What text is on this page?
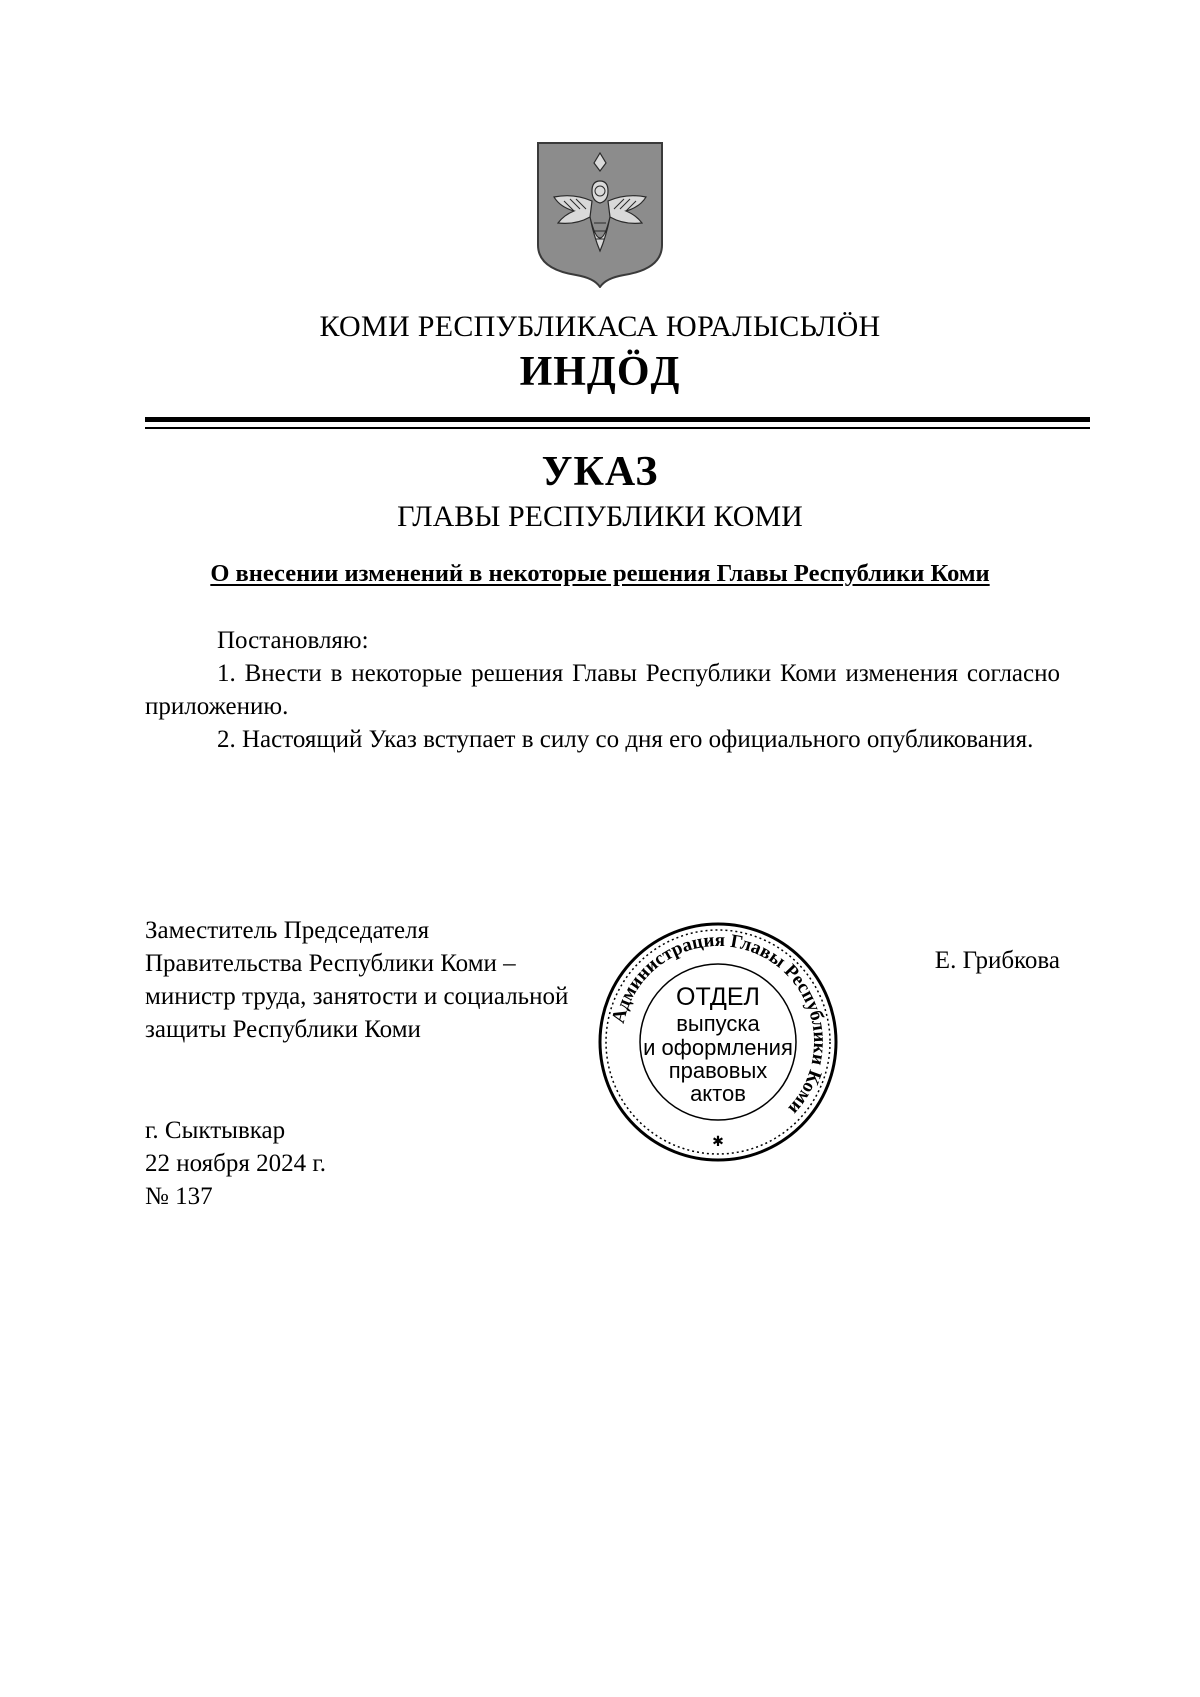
КОМИ РЕСПУБЛИКАСА ЮРАЛЫСЬЛÖН
ИНДÖД
УКАЗ
ГЛАВЫ РЕСПУБЛИКИ КОМИ
О внесении изменений в некоторые решения Главы Республики Коми

Постановляю:

1. Внести в некоторые решения Главы Республики Коми изменения согласно приложению.

2. Настоящий Указ вступает в силу со дня его официального опубликования.

Заместитель Председателя
Правительства Республики Коми –
министр труда, занятости и социальной
защиты Республики Коми
Е. Грибкова
Администрация Главы Республики Коми
ОТДЕЛ
выпуска
и оформления
правовых
актов
✱
г. Сыктывкар
22 ноября 2024 г.
№ 137
